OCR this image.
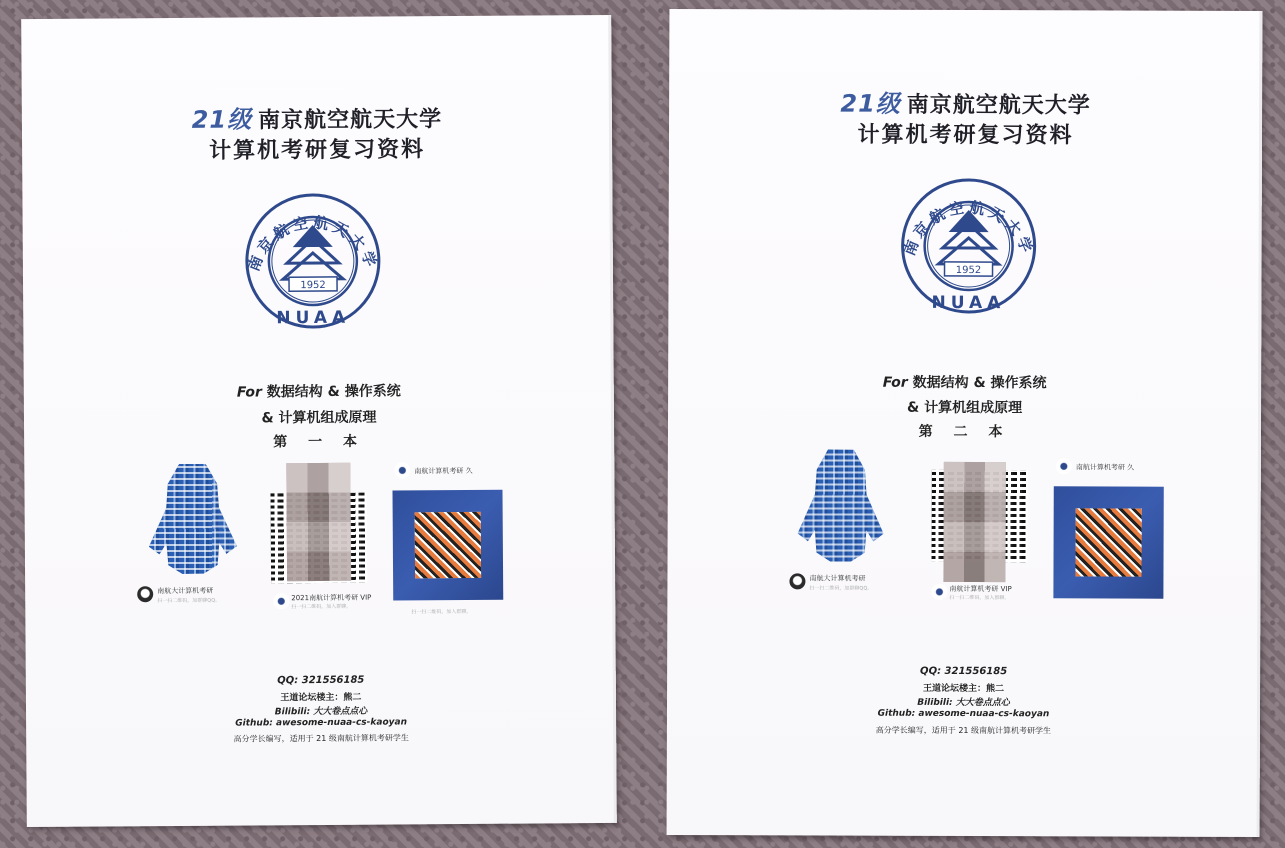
21级 南京航空航天大学
计算机考研复习资料
1952
NUAA
南京航空航天大学
For 数据结构 & 操作系统
& 计算机组成原理
第 一 本
南航大计算机考研
扫一扫二维码，加群聊QQ。	2021南航计算机考研 VIP
扫一扫二维码，加入群聊。
南航计算机考研 久
扫一扫二维码，加入群聊。
QQ: 321556185
王道论坛楼主：熊二
Bilibili: 大大卷点点心
Github: awesome-nuaa-cs-kaoyan
高分学长编写，适用于 21 级南航计算机考研学生
21级 南京航空航天大学
计算机考研复习资料
1952
NUAA
南京航空航天大学
For 数据结构 & 操作系统
& 计算机组成原理
第 二 本
南航大计算机考研
扫一扫二维码，加群聊QQ。	南航计算机考研 VIP
扫一扫二维码，加入群聊。
南航计算机考研 久
QQ: 321556185
王道论坛楼主：熊二
Bilibili: 大大卷点点心
Github: awesome-nuaa-cs-kaoyan
高分学长编写，适用于 21 级南航计算机考研学生
